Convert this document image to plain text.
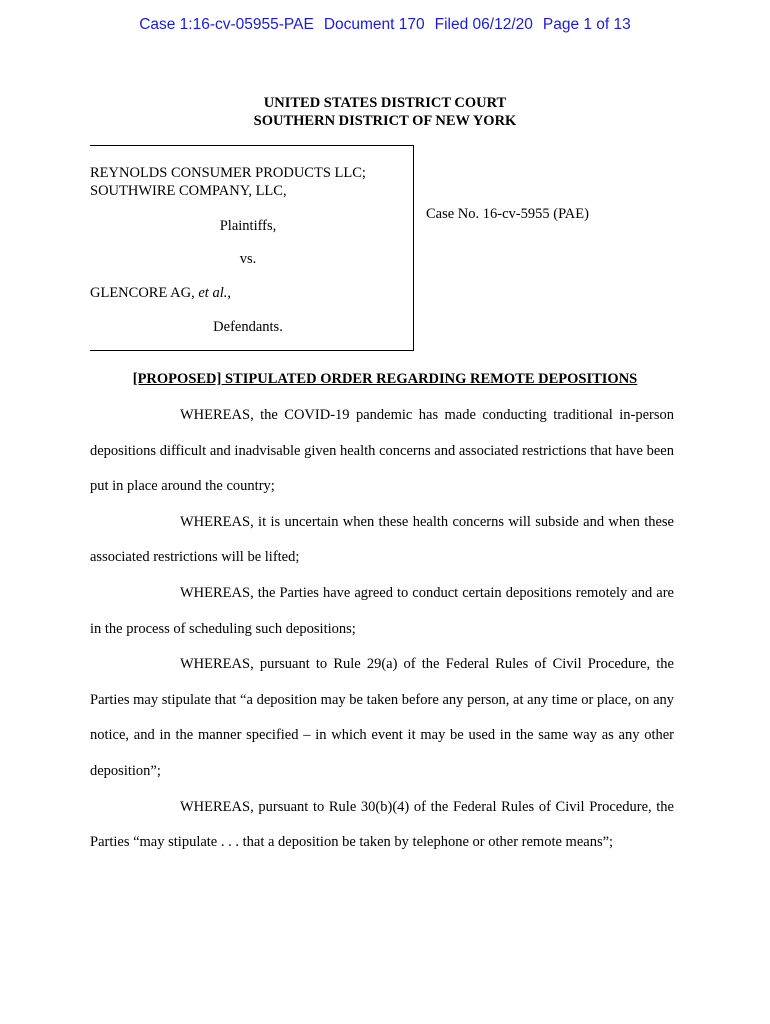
Case 1:16-cv-05955-PAE Document 170 Filed 06/12/20 Page 1 of 13
UNITED STATES DISTRICT COURT
SOUTHERN DISTRICT OF NEW YORK
REYNOLDS CONSUMER PRODUCTS LLC;
SOUTHWIRE COMPANY, LLC,
Plaintiffs,
vs.
GLENCORE AG, et al.,
Defendants.
Case No. 16-cv-5955 (PAE)
[PROPOSED] STIPULATED ORDER REGARDING REMOTE DEPOSITIONS

WHEREAS, the COVID-19 pandemic has made conducting traditional in-person depositions difficult and inadvisable given health concerns and associated restrictions that have been put in place around the country;

WHEREAS, it is uncertain when these health concerns will subside and when these associated restrictions will be lifted;

WHEREAS, the Parties have agreed to conduct certain depositions remotely and are in the process of scheduling such depositions;

WHEREAS, pursuant to Rule 29(a) of the Federal Rules of Civil Procedure, the Parties may stipulate that “a deposition may be taken before any person, at any time or place, on any notice, and in the manner specified – in which event it may be used in the same way as any other deposition”;

WHEREAS, pursuant to Rule 30(b)(4) of the Federal Rules of Civil Procedure, the Parties “may stipulate . . . that a deposition be taken by telephone or other remote means”;
